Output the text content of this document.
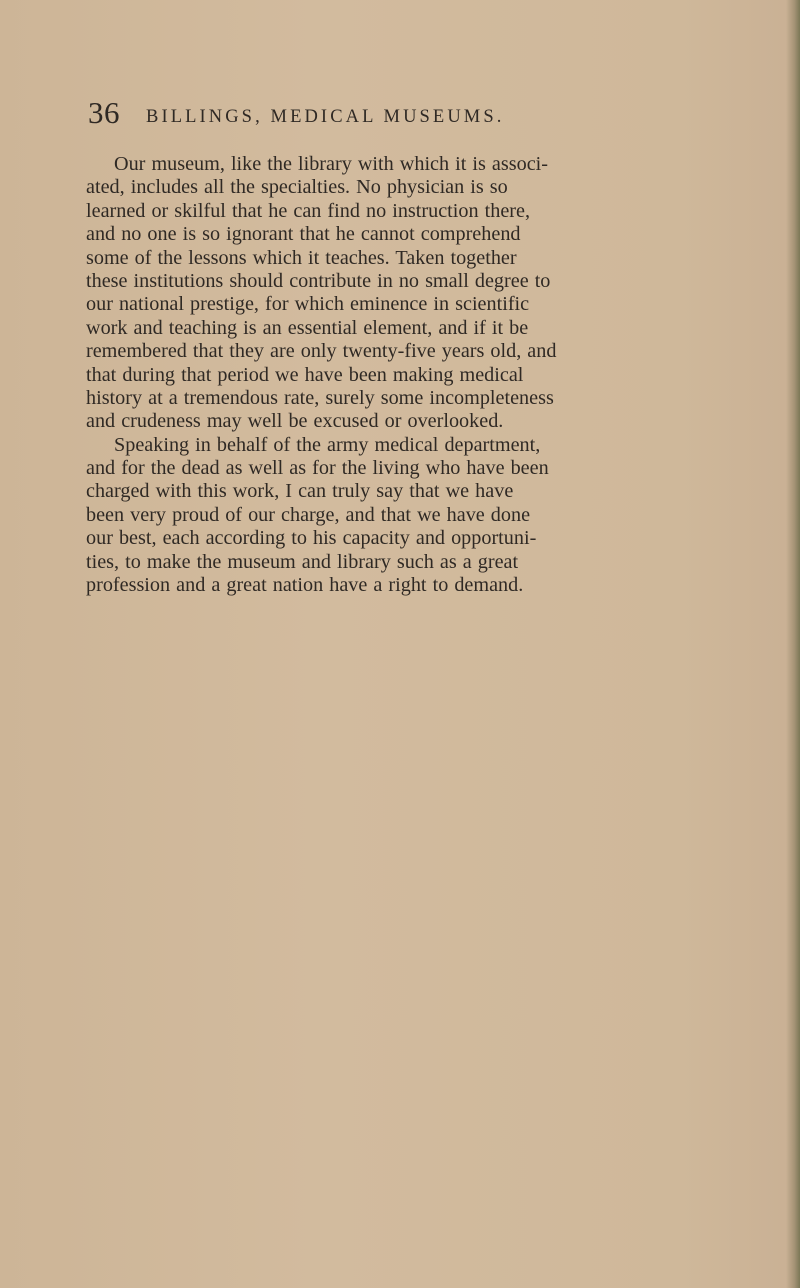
36 BILLINGS, MEDICAL MUSEUMS.
Our museum, like the library with which it is associ-
ated, includes all the specialties. No physician is so
learned or skilful that he can find no instruction there,
and no one is so ignorant that he cannot comprehend
some of the lessons which it teaches. Taken together
these institutions should contribute in no small degree to
our national prestige, for which eminence in scientific
work and teaching is an essential element, and if it be
remembered that they are only twenty-five years old, and
that during that period we have been making medical
history at a tremendous rate, surely some incompleteness
and crudeness may well be excused or overlooked.
Speaking in behalf of the army medical department,
and for the dead as well as for the living who have been
charged with this work, I can truly say that we have
been very proud of our charge, and that we have done
our best, each according to his capacity and opportuni-
ties, to make the museum and library such as a great
profession and a great nation have a right to demand.
